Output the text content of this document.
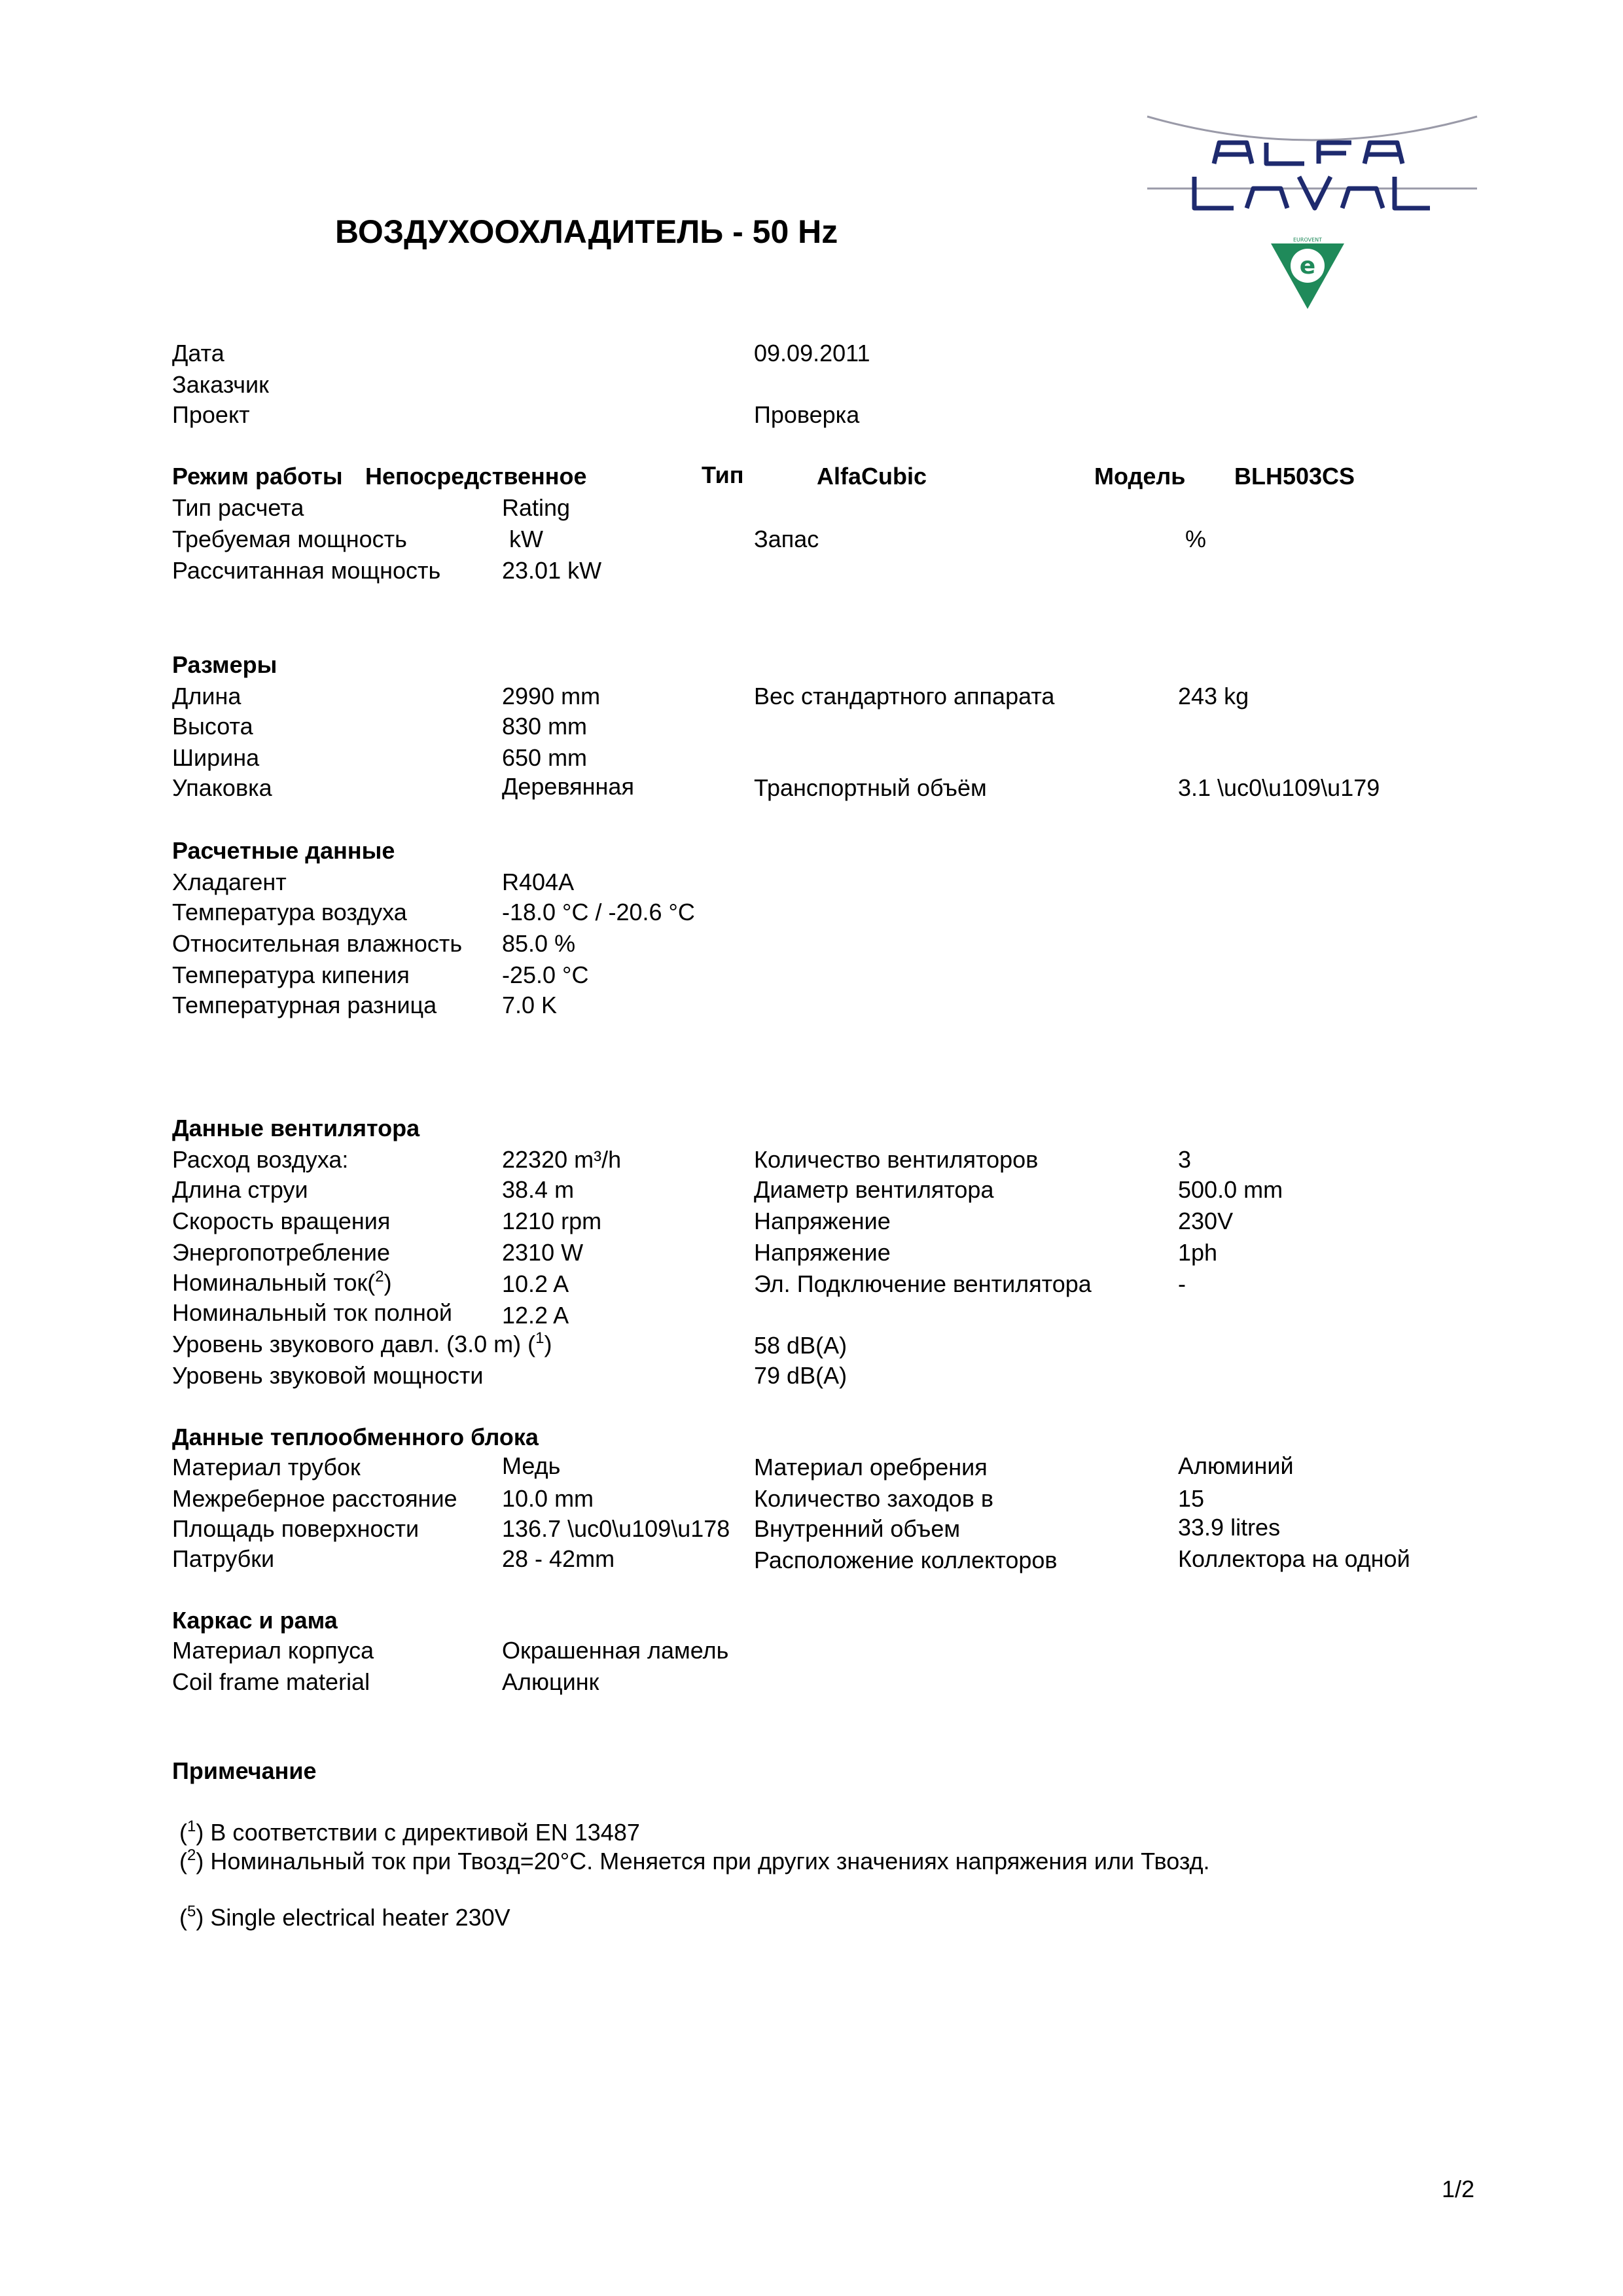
e
EUROVENT
ВОЗДУХООХЛАДИТЕЛЬ - 50 Hz
Дата	09.09.2011
Заказчик
Проект	Проверка
Режим работы Непосредственное	Тип	AlfaCubic	Модель BLH503CS
Тип расчета	Rating
Требуемая мощность	kW	Запас	%
Рассчитанная мощность	23.01 kW
Размеры
Длина	2990 mm	Вес стандартного аппарата	243 kg
Высота	830 mm
Ширина	650 mm
Упаковка	Деревянная	Транспортный объём	3.1 \uc0\u109\u179
Расчетные данные
Хладагент	R404A
Температура воздуха	-18.0 °C / -20.6 °C
Относительная влажность 85.0 %
Температура кипения	-25.0 °C
Температурная разница	7.0 K
Данные вентилятора
Расход воздуха:	22320 m³/h	Количество вентиляторов	3
Длина струи	38.4 m	Диаметр вентилятора	500.0 mm
Скорость вращения	1210 rpm	Напряжение	230V
Энергопотребление	2310 W	Напряжение	1ph
Номинальный ток($^2$)	10.2 A	Эл. Подключение вентилятора	-
Номинальный ток полной 12.2 A
Уровень звукового давл. (3.0 m) ($^1$)	58 dB(A)
Уровень звуковой мощности	79 dB(A)
Данные теплообменного блока
Материал трубок	Медь	Материал оребрения	Алюминий
Межреберное расстояние 10.0 mm	Количество заходов в	15
Площадь поверхности	136.7 \uc0\u109\u178 Внутренний объем	33.9 litres
Патрубки	28 - 42mm	Расположение коллекторов	Коллектора на одной
Каркас и рама
Материал корпуса	Окрашенная ламель
Coil frame material	Алюцинк
Примечание
($^1$) В соответствии с директивой EN 13487
($^2$) Номинальный ток при Твозд=20°С. Меняется при других значениях напряжения или Твозд.
($^5$) Single electrical heater 230V
1/2
